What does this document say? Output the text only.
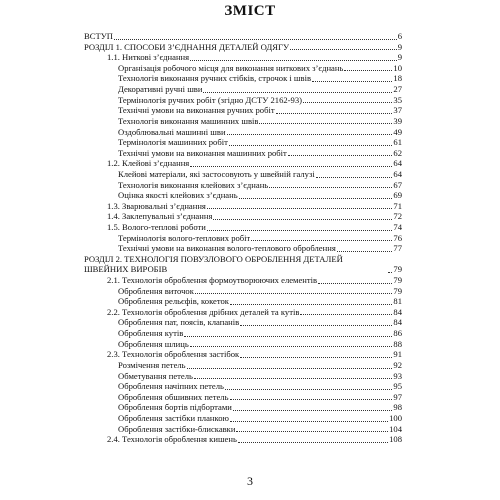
ЗМІСТ
ВСТУП	6
РОЗДІЛ 1. СПОСОБИ З’ЄДНАННЯ ДЕТАЛЕЙ ОДЯГУ	9
1.1. Ниткові з’єднання	9
Організація робочого місця для виконання ниткових з’єднань	10
Технологія виконання ручних стібків, строчок і швів	18
Декоративні ручні шви	27
Термінологія ручних робіт (згідно ДСТУ 2162-93)	35
Технічні умови на виконання ручних робіт	37
Технологія виконання машинних швів	39
Оздоблювальні машинні шви	49
Термінологія машинних робіт	61
Технічні умови на виконання машинних робіт	62
1.2. Клейові з’єднання	64
Клейові матеріали, які застосовують у швейній галузі	64
Технологія виконання клейових з’єднань	67
Оцінка якості клейових з’єднань	69
1.3. Зварювальні з’єднання	71
1.4. Заклепувальні з’єднання	72
1.5. Волого-теплові роботи	74
Термінологія волого-теплових робіт	76
Технічні умови на виконання волого-теплового оброблення	77
РОЗДІЛ 2. ТЕХНОЛОГІЯ ПОВУЗЛОВОГО ОБРОБЛЕННЯ ДЕТАЛЕЙ ШВЕЙНИХ ВИРОБІВ	79
2.1. Технологія оброблення формоутворюючих елементів	79
Оброблення виточок	79
Оброблення рельєфів, кокеток	81
2.2. Технологія оброблення дрібних деталей та кутів	84
Оброблення пат, поясів, клапанів	84
Оброблення кутів	86
Оброблення шлиць	88
2.3. Технологія оброблення застібок	91
Розмічення петель	92
Обметування петель	93
Оброблення начіпних петель	95
Оброблення обшивних петель	97
Оброблення бортів підбортами	98
Оброблення застібки планкою	100
Оброблення застібки-блискавки	104
2.4. Технологія оброблення кишень	108
3
